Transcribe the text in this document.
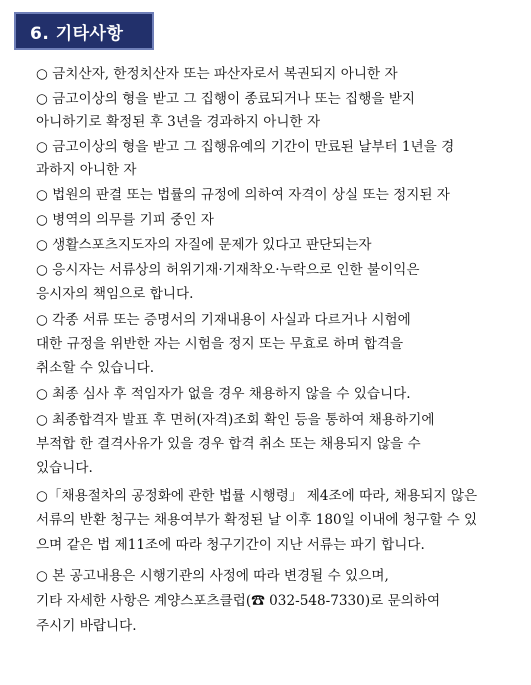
6. 기타사항
○ 금치산자, 한정치산자 또는 파산자로서 복권되지 아니한 자
○ 금고이상의 형을 받고 그 집행이 종료되거나 또는 집행을 받지
아니하기로 확정된 후 3년을 경과하지 아니한 자
○ 금고이상의 형을 받고 그 집행유예의 기간이 만료된 날부터 1년을 경
과하지 아니한 자
○ 법원의 판결 또는 법률의 규정에 의하여 자격이 상실 또는 정지된 자
○ 병역의 의무를 기피 중인 자
○ 생활스포츠지도자의 자질에 문제가 있다고 판단되는자
○ 응시자는 서류상의 허위기재·기재착오·누락으로 인한 불이익은
응시자의 책임으로 합니다.
○ 각종 서류 또는 증명서의 기재내용이 사실과 다르거나 시험에
대한 규정을 위반한 자는 시험을 정지 또는 무효로 하며 합격을
취소할 수 있습니다.
○ 최종 심사 후 적임자가 없을 경우 채용하지 않을 수 있습니다.
○ 최종합격자 발표 후 면허(자격)조회 확인 등을 통하여 채용하기에
부적합 한 결격사유가 있을 경우 합격 취소 또는 채용되지 않을 수
있습니다.
○「채용절차의 공정화에 관한 법률 시행령」 제4조에 따라, 채용되지 않은
서류의 반환 청구는 채용여부가 확정된 날 이후 180일 이내에 청구할 수 있
으며 같은 법 제11조에 따라 청구기간이 지난 서류는 파기 합니다.
○ 본 공고내용은 시행기관의 사정에 따라 변경될 수 있으며,
기타 자세한 사항은 계양스포츠클럽(☎ 032-548-7330)로 문의하여
주시기 바랍니다.
